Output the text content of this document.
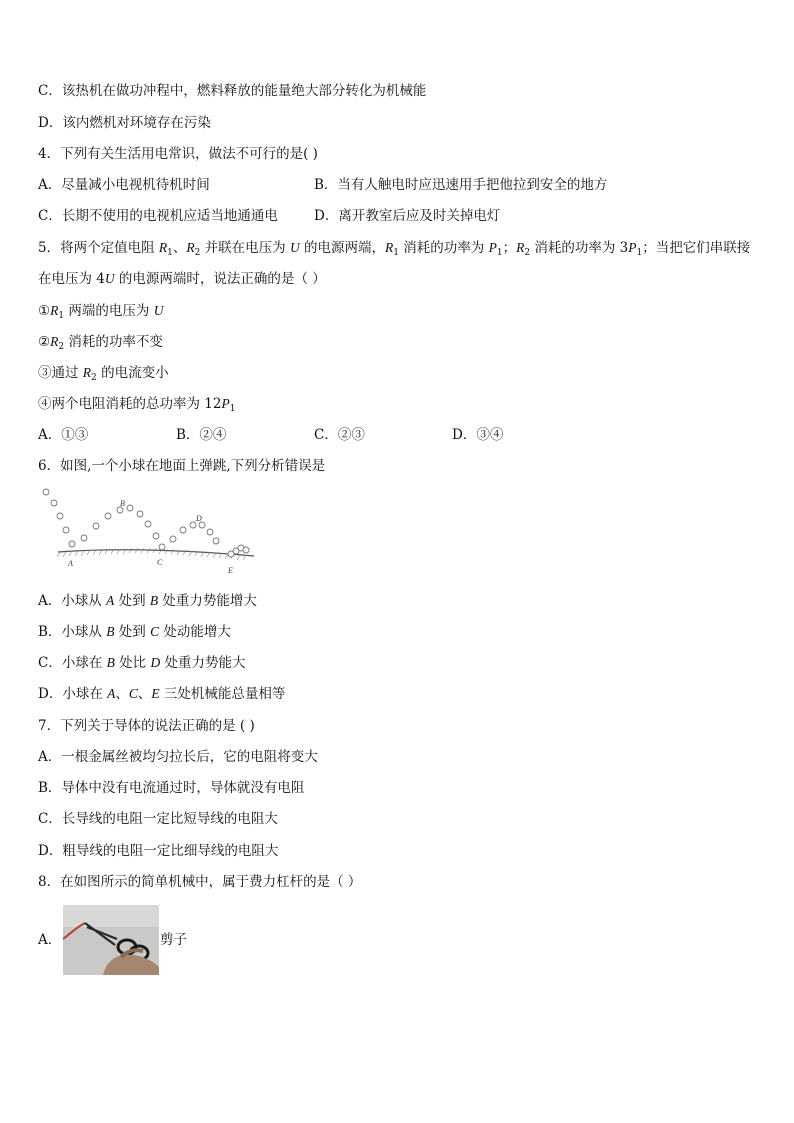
C．该热机在做功冲程中，燃料释放的能量绝大部分转化为机械能
D．该内燃机对环境存在污染
4．下列有关生活用电常识，做法不可行的是( )
A．尽量减小电视机待机时间	B．当有人触电时应迅速用手把他拉到安全的地方
C．长期不使用的电视机应适当地通通电	D．离开教室后应及时关掉电灯
5．将两个定值电阻 $R_1$、$R_2$ 并联在电压为 U 的电源两端，$R_1$ 消耗的功率为 $P_1$；$R_2$ 消耗的功率为 $3P_1$；当把它们串联接
在电压为 4U 的电源两端时，说法正确的是（ ）
$①R_1$ 两端的电压为 U
$②R_2$ 消耗的功率不变
③通过 $R_2$ 的电流变小
④两个电阻消耗的总功率为 $12P_1$
A．①③	B．②④	C．②③	D．③④
6．如图,一个小球在地面上弹跳,下列分析错误是
A
B
C
D
E
A．小球从 A 处到 B 处重力势能增大
B．小球从 B 处到 C 处动能增大
C．小球在 B 处比 D 处重力势能大
D．小球在 A、C、E 三处机械能总量相等
7．下列关于导体的说法正确的是 ( )
A．一根金属丝被均匀拉长后，它的电阻将变大
B．导体中没有电流通过时，导体就没有电阻
C．长导线的电阻一定比短导线的电阻大
D．粗导线的电阻一定比细导线的电阻大
8．在如图所示的简单机械中，属于费力杠杆的是（ ）
A．	剪子
